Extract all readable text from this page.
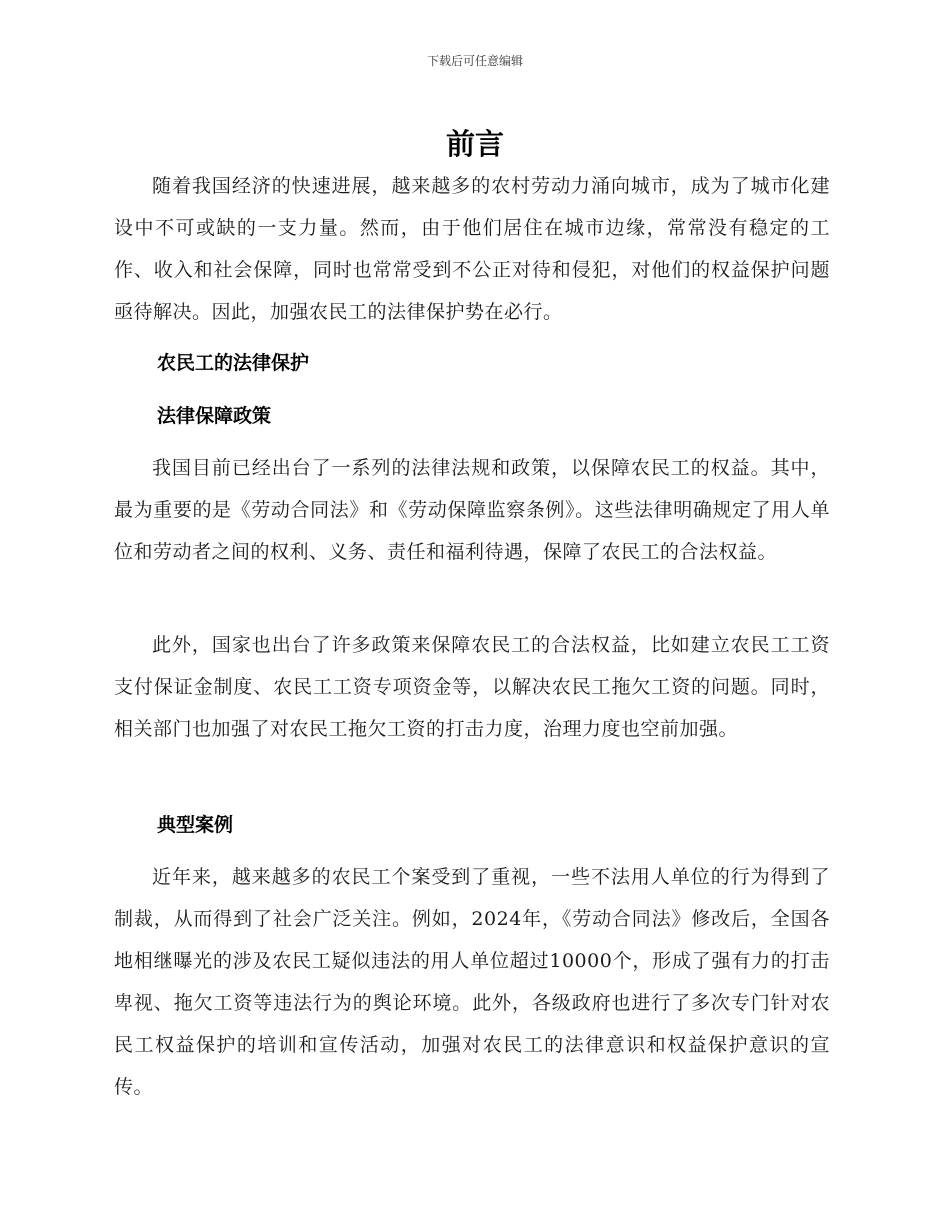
下载后可任意编辑
前言

随着我国经济的快速进展，越来越多的农村劳动力涌向城市，成为了城市化建设中不可或缺的一支力量。然而，由于他们居住在城市边缘，常常没有稳定的工作、收入和社会保障，同时也常常受到不公正对待和侵犯，对他们的权益保护问题亟待解决。因此，加强农民工的法律保护势在必行。

农民工的法律保护
法律保障政策

我国目前已经出台了一系列的法律法规和政策，以保障农民工的权益。其中，最为重要的是《劳动合同法》和《劳动保障监察条例》。这些法律明确规定了用人单位和劳动者之间的权利、义务、责任和福利待遇，保障了农民工的合法权益。

此外，国家也出台了许多政策来保障农民工的合法权益，比如建立农民工工资支付保证金制度、农民工工资专项资金等，以解决农民工拖欠工资的问题。同时，相关部门也加强了对农民工拖欠工资的打击力度，治理力度也空前加强。

典型案例

近年来，越来越多的农民工个案受到了重视，一些不法用人单位的行为得到了制裁，从而得到了社会广泛关注。例如，2024年，《劳动合同法》修改后，全国各地相继曝光的涉及农民工疑似违法的用人单位超过10000个，形成了强有力的打击卑视、拖欠工资等违法行为的舆论环境。此外，各级政府也进行了多次专门针对农民工权益保护的培训和宣传活动，加强对农民工的法律意识和权益保护意识的宣传。
